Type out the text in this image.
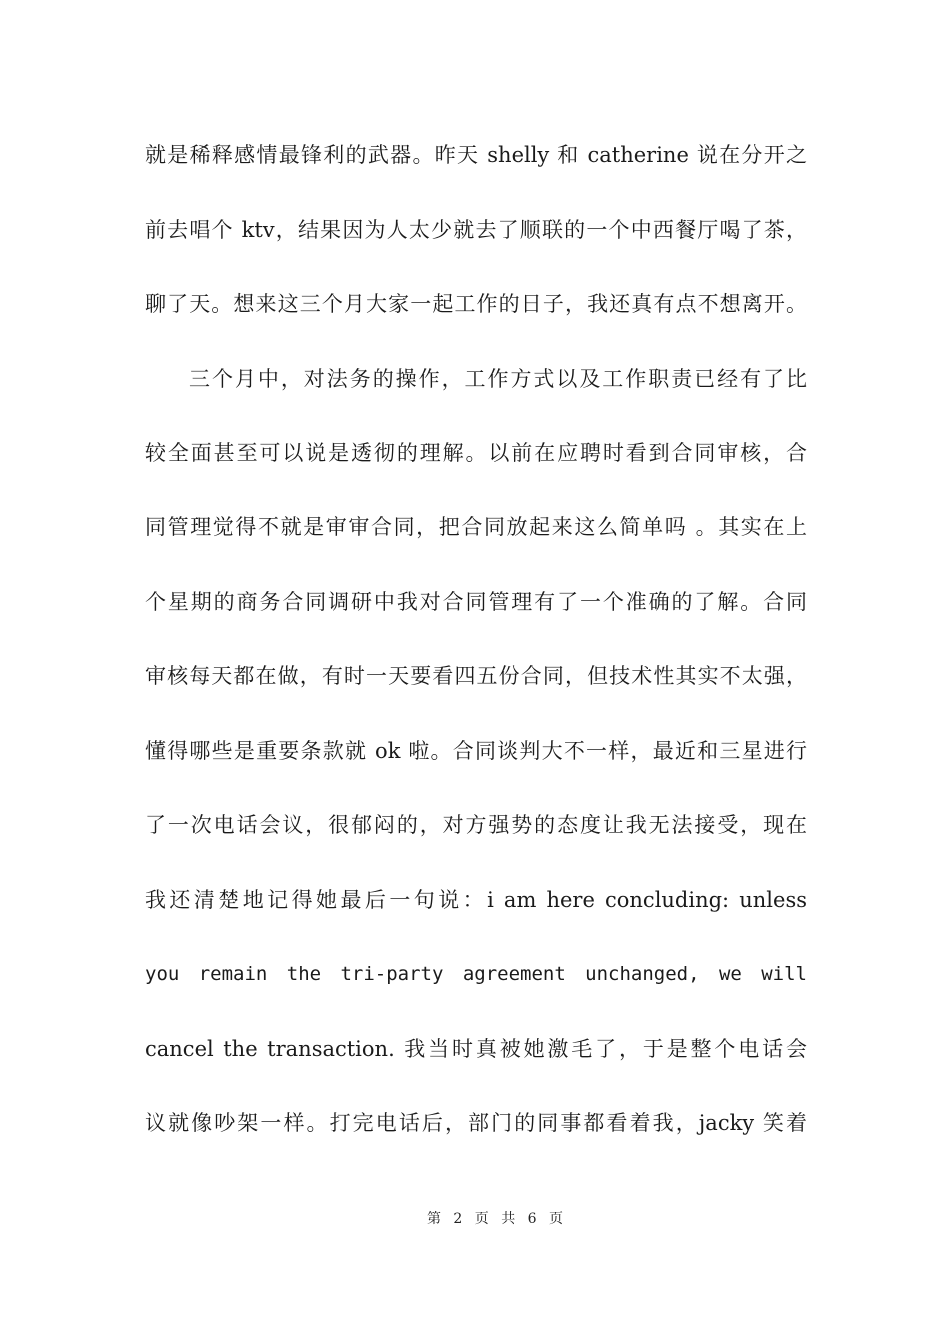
就是稀释感情最锋利的武器。昨天 shelly 和 catherine 说在分开之
前去唱个 ktv，结果因为人太少就去了顺联的一个中西餐厅喝了茶，
聊了天。想来这三个月大家一起工作的日子，我还真有点不想离开。
三个月中，对法务的操作，工作方式以及工作职责已经有了比
较全面甚至可以说是透彻的理解。以前在应聘时看到合同审核，合
同管理觉得不就是审审合同，把合同放起来这么简单吗 。其实在上
个星期的商务合同调研中我对合同管理有了一个准确的了解。合同
审核每天都在做，有时一天要看四五份合同，但技术性其实不太强，
懂得哪些是重要条款就 ok 啦。合同谈判大不一样，最近和三星进行
了一次电话会议，很郁闷的，对方强势的态度让我无法接受，现在
我还清楚地记得她最后一句说：i am here concluding: unless
you remain the tri-party agreement unchanged, we will
cancel the transaction. 我当时真被她激毛了，于是整个电话会
议就像吵架一样。打完电话后，部门的同事都看着我，jacky 笑着
第 2 页 共 6 页
